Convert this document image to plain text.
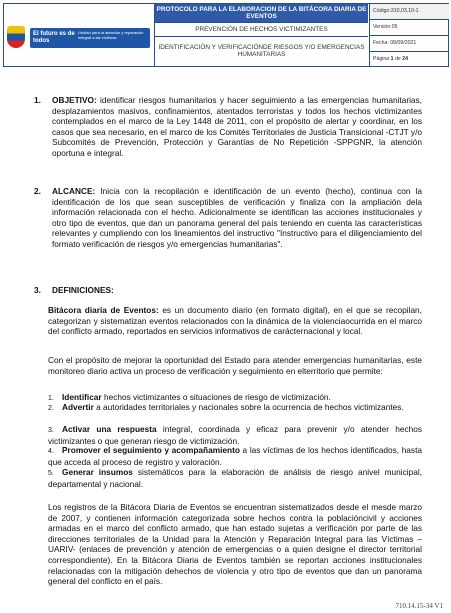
El futuro es de todos
Unidad para la atención y reparación integral a las víctimas
PROTOCOLO PARA LA ELABORACION DE LA BITÁCORA DIARIA DE EVENTOS
PREVENCIÓN DE HECHOS VICTIMIZANTES
IDENTIFICACIÓN Y VERIFICACIÓNDE RIESGOS Y/O EMERGENCIAS HUMANITARIAS
Código:310,03,10-1
Versión:05
Fecha: 08/09/2021
Página 1 de 24
1. OBJETIVO: identificar riesgos humanitarios y hacer seguimiento a las emergencias humanitarias, desplazamientos masivos, confinamientos, atentados terroristas y todos los hechos victimizantes contemplados en el marco de la Ley 1448 de 2011, con el propósito de alertar y coordinar, en los casos que sea necesario, en el marco de los Comités Territoriales de Justicia Transicional -CTJT y/o Subcomités de Prevención, Protección y Garantías de No Repetición -SPPGNR, la atención oportuna e integral.
2. ALCANCE: Inicia con la recopilación e identificación de un evento (hecho), continua con la identificación de los que sean susceptibles de verificación y finaliza con la ampliación dela información relacionada con el hecho. Adicionalmente se identifican las acciones institucionales y otro tipo de eventos, que dan un panorama general del país teniendo en cuenta las características relevantes y cumpliendo con los lineamientos del instructivo "Instructivo para el diligenciamiento del formato verificación de riesgos y/o emergencias humanitarias".
3. DEFINICIONES:
Bitácora diaria de Eventos: es un documento diario (en formato digital), en el que se recopilan, categorizan y sistematizan eventos relacionados con la dinámica de la violenciaocurrida en el marco del conflicto armado, reportados en servicios informativos de carácternacional y local.
Con el propósito de mejorar la oportunidad del Estado para atender emergencias humanitarias, este monitoreo diario activa un proceso de verificación y seguimiento en elterritorio que permite:
1. Identificar hechos victimizantes o situaciones de riesgo de victimización.
2. Advertir a autoridades territoriales y nacionales sobre la ocurrencia de hechos victimizantes.
3. Activar una respuesta integral, coordinada y eficaz para prevenir y/o atender hechos victimizantes o que generan riesgo de victimización.
4. Promover el seguimiento y acompañamiento a las víctimas de los hechos identificados, hasta que acceda al proceso de registro y valoración.
5. Generar insumos sistemáticos para la elaboración de análisis de riesgo anivel municipal, departamental y nacional.
Los registros de la Bitácora Diaria de Eventos se encuentran sistematizados desde el mesde marzo de 2007, y contienen información categorizada sobre hechos contra la poblacióncivil y acciones armadas en el marco del conflicto armado, que han estado sujetas a verificación por parte de las direcciones territoriales de la Unidad para la Atención y Reparación Integral para las Víctimas –UARIV- (enlaces de prevención y atención de emergencias o a quien designe el director territorial correspondiente). En la Bitácora Diaria de Eventos también se reportan acciones institucionales relacionadas con la mitigación dehechos de violencia y otro tipo de eventos que dan un panorama general del conflicto en el país.
710.14.15-34 V1
